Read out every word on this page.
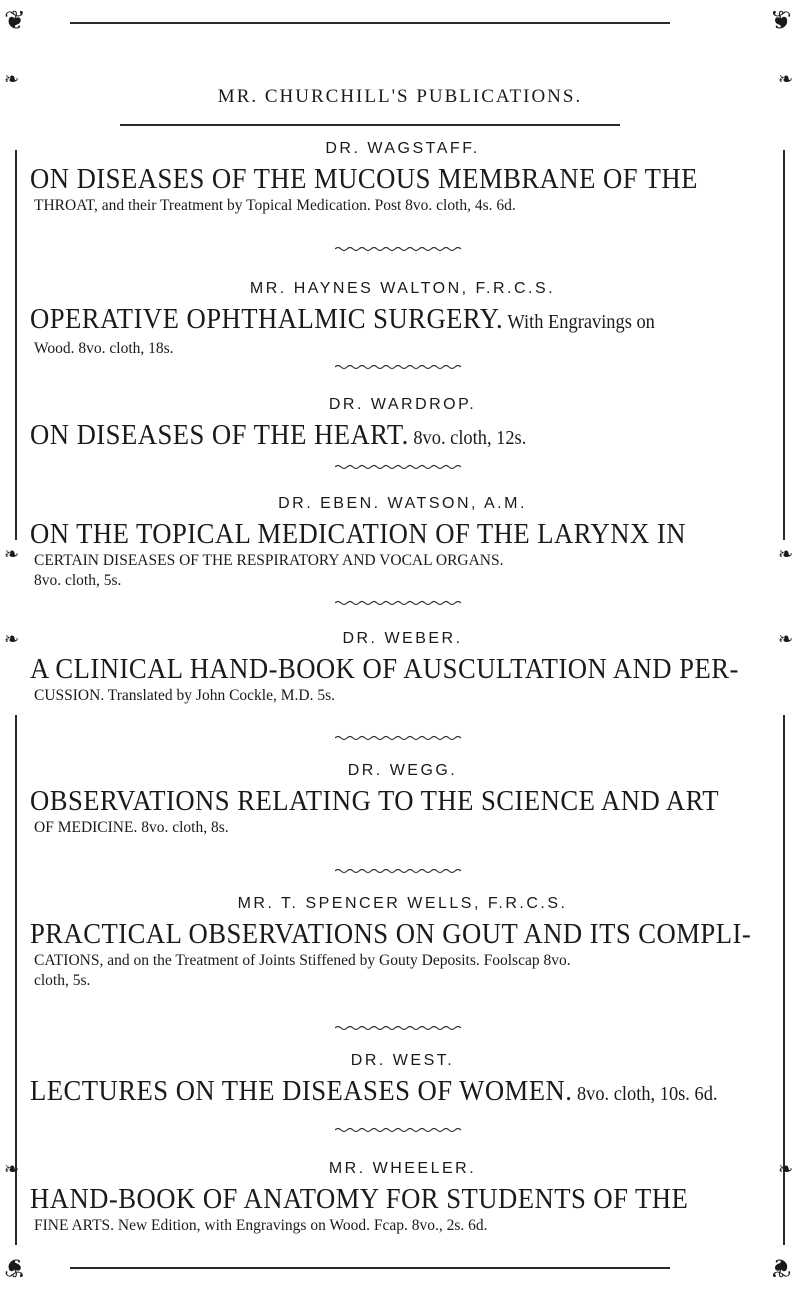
❦	❦
MR. CHURCHILL'S PUBLICATIONS.
❧	❧
❧	❧
❧	❧
❧	❧
❦	❦
DR. WAGSTAFF.
ON DISEASES OF THE MUCOUS MEMBRANE OF THE
THROAT, and their Treatment by Topical Medication. Post 8vo. cloth, 4s. 6d.
MR. HAYNES WALTON, F.R.C.S.
OPERATIVE OPHTHALMIC SURGERY. With Engravings on
Wood. 8vo. cloth, 18s.
DR. WARDROP.
ON DISEASES OF THE HEART. 8vo. cloth, 12s.
DR. EBEN. WATSON, A.M.
ON THE TOPICAL MEDICATION OF THE LARYNX IN
CERTAIN DISEASES OF THE RESPIRATORY AND VOCAL ORGANS.
8vo. cloth, 5s.
DR. WEBER.
A CLINICAL HAND-BOOK OF AUSCULTATION AND PER-
CUSSION. Translated by John Cockle, M.D. 5s.
DR. WEGG.
OBSERVATIONS RELATING TO THE SCIENCE AND ART
OF MEDICINE. 8vo. cloth, 8s.
MR. T. SPENCER WELLS, F.R.C.S.
PRACTICAL OBSERVATIONS ON GOUT AND ITS COMPLI-
CATIONS, and on the Treatment of Joints Stiffened by Gouty Deposits. Foolscap 8vo.
cloth, 5s.
DR. WEST.
LECTURES ON THE DISEASES OF WOMEN. 8vo. cloth, 10s. 6d.
MR. WHEELER.
HAND-BOOK OF ANATOMY FOR STUDENTS OF THE
FINE ARTS. New Edition, with Engravings on Wood. Fcap. 8vo., 2s. 6d.
